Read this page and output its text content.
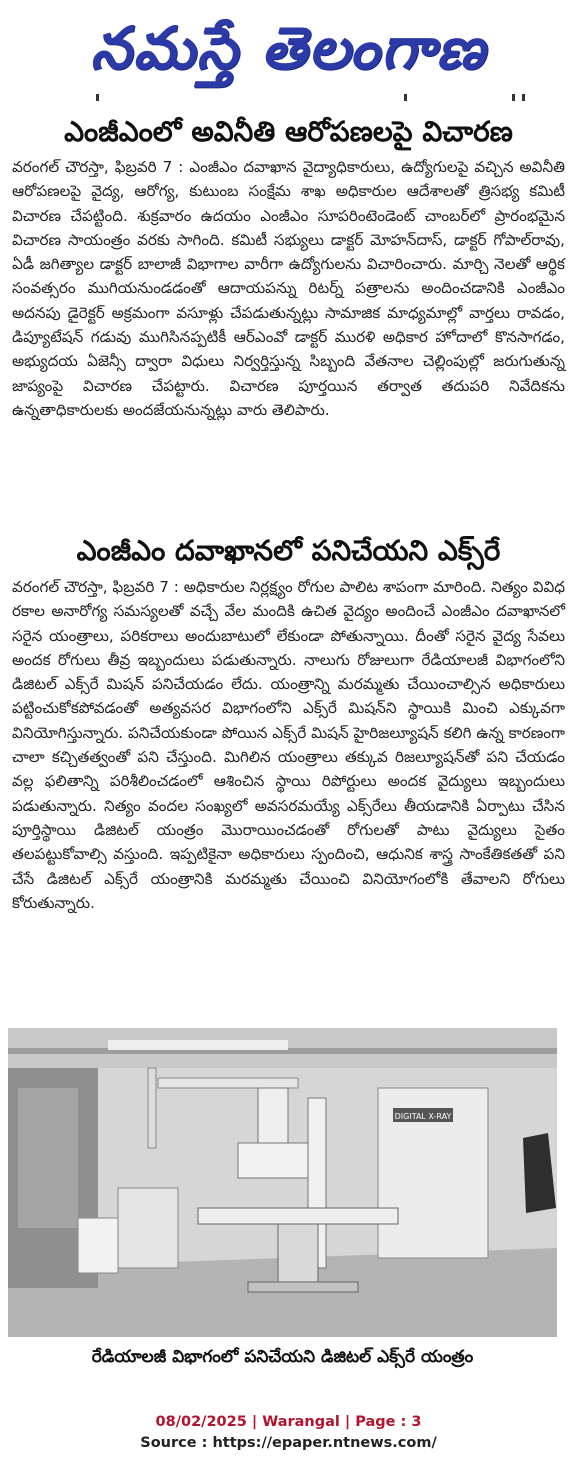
నమస్తే తెలంగాణ
ఎంజీఎంలో అవినీతి ఆరోపణలపై విచారణ
వరంగల్‌ చౌరస్తా, ఫిబ్రవరి 7 : ఎంజీఎం దవాఖాన వైద్యాధికారులు, ఉద్యోగులపై వచ్చిన అవినీతి ఆరోపణలపై వైద్య, ఆరోగ్య, కుటుంబ సంక్షేమ శాఖ అధికారుల ఆదేశాలతో త్రిసభ్య కమిటీ విచారణ చేపట్టింది. శుక్రవారం ఉదయం ఎంజీఎం సూపరింటెండెంట్‌ చాంబర్‌లో ప్రారంభమైన విచారణ సాయంత్రం వరకు సాగింది. కమిటీ సభ్యులు డాక్టర్‌ మోహన్‌దాస్‌, డాక్టర్‌ గోపాల్‌రావు, ఏడీ జగిత్యాల డాక్టర్‌ బాలాజీ విభాగాల వారీగా ఉద్యోగులను విచారించారు. మార్చి నెలతో ఆర్థిక సంవత్సరం ముగియనుండడంతో ఆదాయపన్ను రిటర్న్‌ పత్రాలను అందించడానికి ఎంజీఎం అదనపు డైరెక్టర్‌ అక్రమంగా వసూళ్లు చేపడుతున్నట్లు సామాజిక మాధ్యమాల్లో వార్తలు రావడం, డిప్యూటేషన్‌ గడువు ముగిసినప్పటికీ ఆర్‌ఎంవో డాక్టర్‌ మురళి అధికార హోదాలో కొనసాగడం, అభ్యుదయ ఏజెన్సీ ద్వారా విధులు నిర్వర్తిస్తున్న సిబ్బంది వేతనాల చెల్లింపుల్లో జరుగుతున్న జాప్యంపై విచారణ చేపట్టారు. విచారణ పూర్తయిన తర్వాత తదుపరి నివేదికను ఉన్నతాధికారులకు అందజేయనున్నట్లు వారు తెలిపారు.
ఎంజీఎం దవాఖానలో పనిచేయని ఎక్స్‌రే
వరంగల్‌ చౌరస్తా, ఫిబ్రవరి 7 : అధికారుల నిర్లక్ష్యం రోగుల పాలిట శాపంగా మారింది. నిత్యం వివిధ రకాల అనారోగ్య సమస్యలతో వచ్చే వేల మందికి ఉచిత వైద్యం అందించే ఎంజీఎం దవాఖానలో సరైన యంత్రాలు, పరికరాలు అందుబాటులో లేకుండా పోతున్నాయి. దీంతో సరైన వైద్య సేవలు అందక రోగులు తీవ్ర ఇబ్బందులు పడుతున్నారు. నాలుగు రోజులుగా రేడియాలజీ విభాగంలోని డిజిటల్‌ ఎక్స్‌రే మిషన్‌ పనిచేయడం లేదు. యంత్రాన్ని మరమ్మతు చేయించాల్సిన అధికారులు పట్టించుకోకపోవడంతో అత్యవసర విభాగంలోని ఎక్స్‌రే మిషన్‌ని స్థాయికి మించి ఎక్కువగా వినియోగిస్తున్నారు. పనిచేయకుండా పోయిన ఎక్స్‌రే మిషన్‌ హైరిజల్యూషన్‌ కలిగి ఉన్న కారణంగా చాలా కచ్చితత్వంతో పని చేస్తుంది. మిగిలిన యంత్రాలు తక్కువ రిజల్యూషన్‌తో పని చేయడం వల్ల ఫలితాన్ని పరిశీలించడంలో ఆశించిన స్థాయి రిపోర్టులు అందక వైద్యులు ఇబ్బందులు పడుతున్నారు. నిత్యం వందల సంఖ్యలో అవసరమయ్యే ఎక్స్‌రేలు తీయడానికి ఏర్పాటు చేసిన పూర్తిస్థాయి డిజిటల్‌ యంత్రం మొరాయించడంతో రోగులతో పాటు వైద్యులు సైతం తలపట్టుకోవాల్సి వస్తుంది. ఇప్పటికైనా అధికారులు స్పందించి, ఆధునిక శాస్త్ర సాంకేతికతతో పని చేసే డిజిటల్‌ ఎక్స్‌రే యంత్రానికి మరమ్మతు చేయించి వినియోగంలోకి తేవాలని రోగులు కోరుతున్నారు.
DIGITAL X-RAY
రేడియాలజీ విభాగంలో పనిచేయని డిజిటల్‌ ఎక్స్‌రే యంత్రం
08/02/2025 | Warangal | Page : 3
Source : https://epaper.ntnews.com/
